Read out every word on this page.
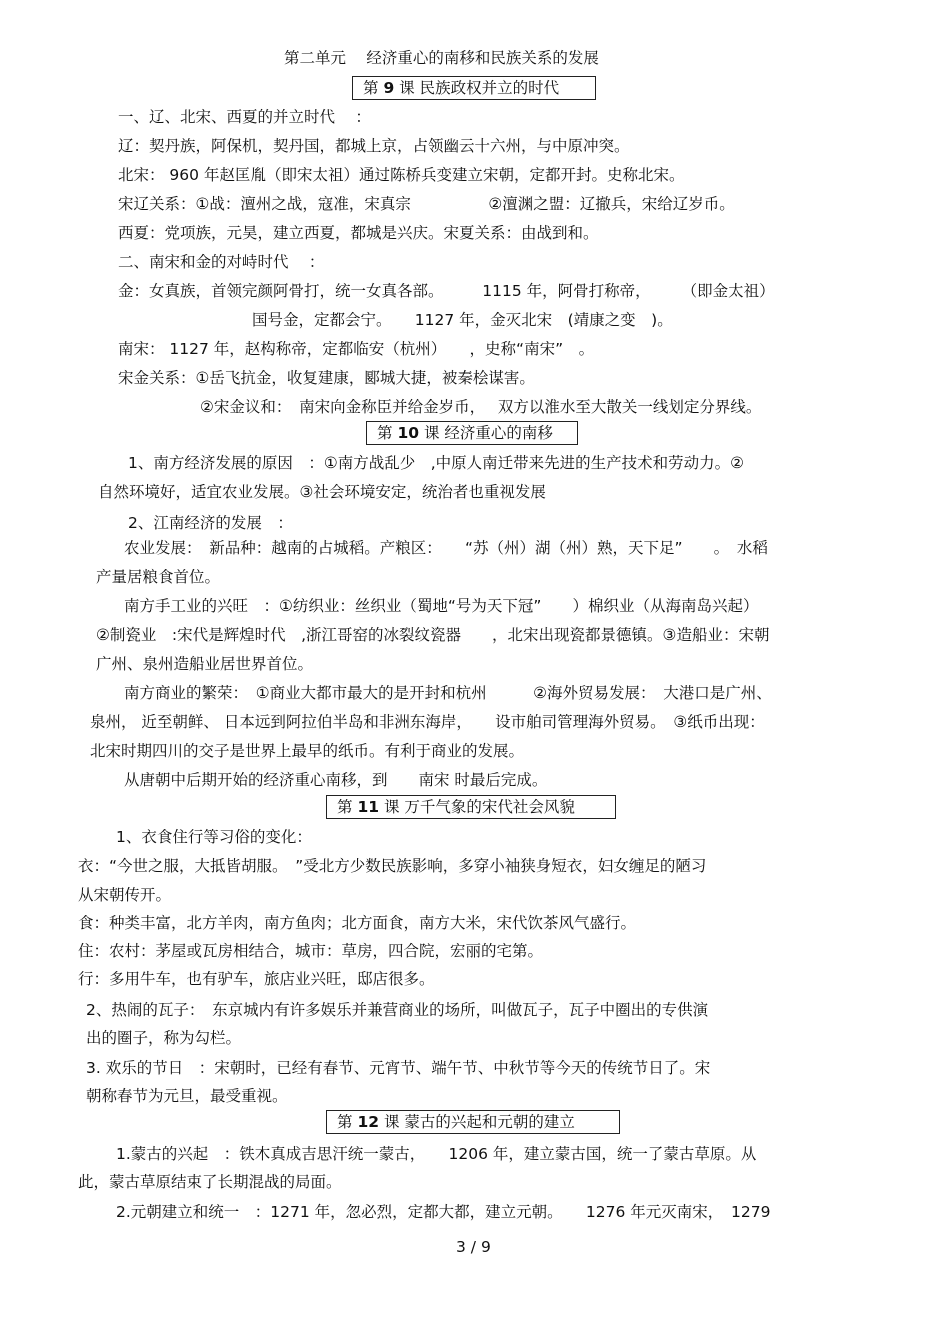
第二单元　 经济重心的南移和民族关系的发展
第 9 课 民族政权并立的时代
一、辽、北宋、西夏的并立时代　 ：
辽：契丹族，阿保机，契丹国，都城上京，占领幽云十六州，与中原冲突。
北宋： 960 年赵匡胤（即宋太祖）通过陈桥兵变建立宋朝，定都开封。史称北宋。
宋辽关系：①战：澶州之战，寇准，宋真宗　　　　　②澶渊之盟：辽撤兵，宋给辽岁币。
西夏：党项族，元昊，建立西夏，都城是兴庆。宋夏关系：由战到和。
二、南宋和金的对峙时代　 ：
金：女真族，首领完颜阿骨打，统一女真各部。　　　1115 年，阿骨打称帝，　　　（即金太祖）
国号金，定都会宁。　　1127 年，金灭北宋　(靖康之变　)。
南宋： 1127 年，赵构称帝，定都临安（杭州）　　，史称“南宋”　。
宋金关系：①岳飞抗金，收复建康，郾城大捷，被秦桧谋害。
②宋金议和：　南宋向金称臣并给金岁币，　 双方以淮水至大散关一线划定分界线。
第 10 课 经济重心的南移
1、南方经济发展的原因　：①南方战乱少　,中原人南迁带来先进的生产技术和劳动力。②
自然环境好，适宜农业发展。③社会环境安定，统治者也重视发展
2、江南经济的发展　：
农业发展：　新品种：越南的占城稻。产粮区：　　“苏（州）湖（州）熟，天下足”　　。　水稻
产量居粮食首位。
南方手工业的兴旺　：①纺织业：丝织业（蜀地“号为天下冠”　　）棉织业（从海南岛兴起）
②制瓷业　:宋代是辉煌时代　,浙江哥窑的冰裂纹瓷器　　，北宋出现瓷都景德镇。③造船业：宋朝
广州、泉州造船业居世界首位。
南方商业的繁荣：　①商业大都市最大的是开封和杭州　　　②海外贸易发展：　大港口是广州、
泉州， 近至朝鲜、 日本远到阿拉伯半岛和非洲东海岸，　　设市舶司管理海外贸易。　③纸币出现：
北宋时期四川的交子是世界上最早的纸币。有利于商业的发展。
从唐朝中后期开始的经济重心南移，到　　南宋 时最后完成。
第 11 课 万千气象的宋代社会风貌
1、衣食住行等习俗的变化：
衣：“今世之服，大抵皆胡服。　”受北方少数民族影响，多穿小袖狭身短衣，妇女缠足的陋习
从宋朝传开。
食：种类丰富，北方羊肉，南方鱼肉；北方面食，南方大米，宋代饮茶风气盛行。
住：农村：茅屋或瓦房相结合，城市：草房，四合院，宏丽的宅第。
行：多用牛车，也有驴车，旅店业兴旺，邸店很多。
2、热闹的瓦子：　东京城内有许多娱乐并兼营商业的场所，叫做瓦子，瓦子中圈出的专供演
出的圈子，称为勾栏。
3. 欢乐的节日　：宋朝时，已经有春节、元宵节、端午节、中秋节等今天的传统节日了。宋
朝称春节为元旦，最受重视。
第 12 课 蒙古的兴起和元朝的建立
1.蒙古的兴起　：铁木真成吉思汗统一蒙古，　　1206 年，建立蒙古国，统一了蒙古草原。从
此，蒙古草原结束了长期混战的局面。
2.元朝建立和统一　：1271 年，忽必烈，定都大都，建立元朝。　　1276 年元灭南宋，　1279
3 / 9
